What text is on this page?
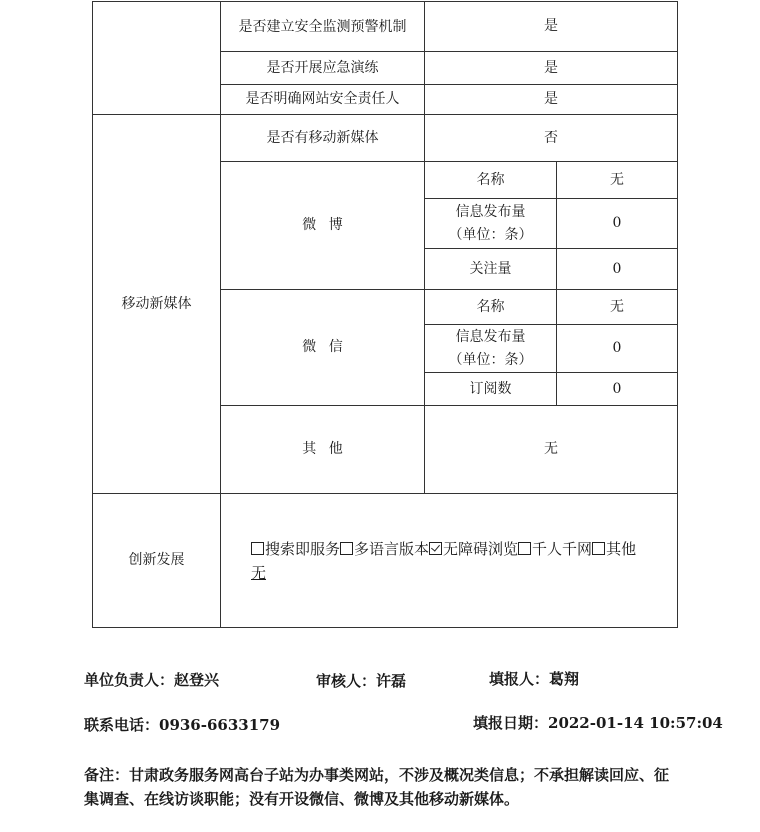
	是否建立安全监测预警机制	是	
	是否开展应急演练	是	
	是否明确网站安全责任人	是	
移动新媒体	是否有移动新媒体	否	
	微博	名称	无

		信息发布量
（单位：条）	0
		关注量	0
	微信	名称	无

		信息发布量
（单位：条）	0
		订阅数	0
	其他	无	
创新发展	搜索即服务 多语言版本 无障碍浏览 千人千网 其他
无		
单位负责人：赵登兴	审核人：许磊	填报人：葛翔
联系电话：0936-6633179	填报日期：2022-01-14 10:57:04
备注：甘肃政务服务网高台子站为办事类网站，不涉及概况类信息；不承担解读回应、征集调查、在线访谈职能；没有开设微信、微博及其他移动新媒体。
